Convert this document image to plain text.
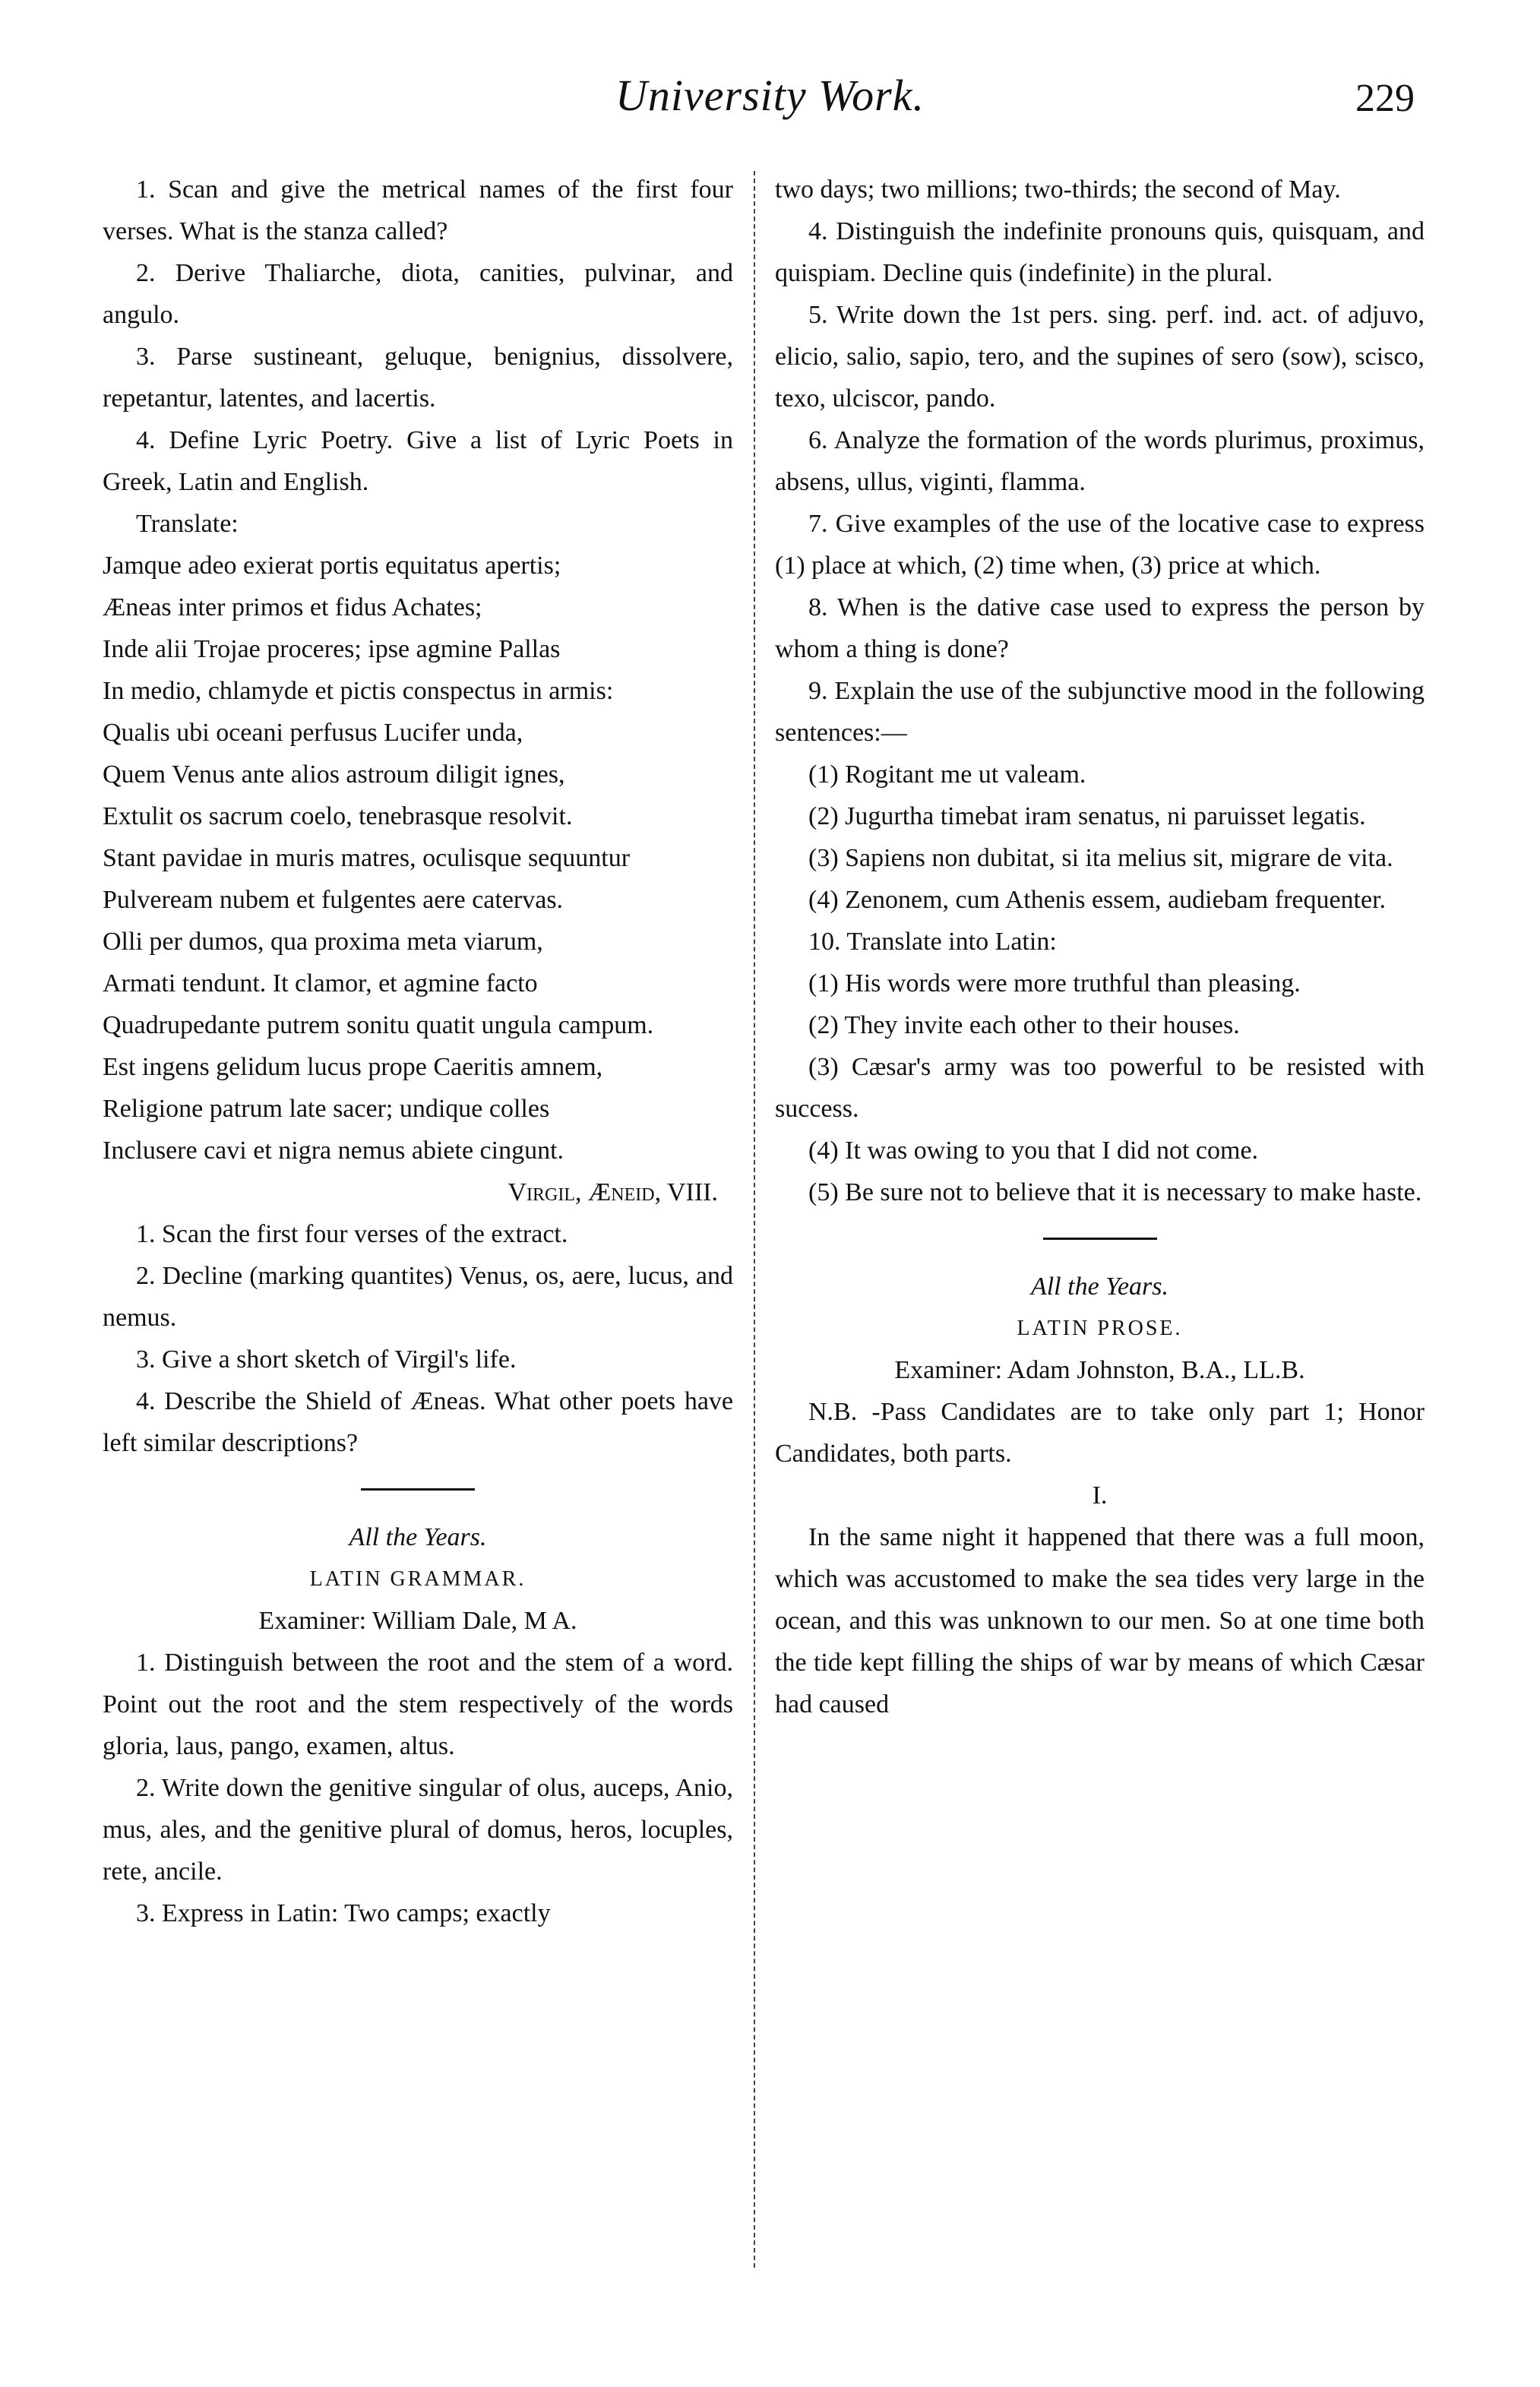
University Work.	229
1. Scan and give the metrical names of the first four verses. What is the stanza called?
2. Derive Thaliarche, diota, canities, pulvinar, and angulo.
3. Parse sustineant, geluque, benignius, dissolvere, repetantur, latentes, and lacertis.
4. Define Lyric Poetry. Give a list of Lyric Poets in Greek, Latin and English.
Translate:
Jamque adeo exierat portis equitatus apertis;
Æneas inter primos et fidus Achates;
Inde alii Trojae proceres; ipse agmine Pallas
In medio, chlamyde et pictis conspectus in armis:
Qualis ubi oceani perfusus Lucifer unda,
Quem Venus ante alios astroum diligit ignes,
Extulit os sacrum coelo, tenebrasque resolvit.
Stant pavidae in muris matres, oculisque sequuntur
Pulveream nubem et fulgentes aere catervas.
Olli per dumos, qua proxima meta viarum,
Armati tendunt. It clamor, et agmine facto
Quadrupedante putrem sonitu quatit ungula campum.
Est ingens gelidum lucus prope Caeritis amnem,
Religione patrum late sacer; undique colles
Inclusere cavi et nigra nemus abiete cingunt.
Virgil, Æneid, VIII.
1. Scan the first four verses of the extract.
2. Decline (marking quantites) Venus, os, aere, lucus, and nemus.
3. Give a short sketch of Virgil's life.
4. Describe the Shield of Æneas. What other poets have left similar descriptions?
All the Years.
LATIN GRAMMAR.
Examiner: William Dale, M A.
1. Distinguish between the root and the stem of a word. Point out the root and the stem respectively of the words gloria, laus, pango, examen, altus.
2. Write down the genitive singular of olus, auceps, Anio, mus, ales, and the genitive plural of domus, heros, locuples, rete, ancile.
3. Express in Latin: Two camps; exactly
two days; two millions; two-thirds; the second of May.
4. Distinguish the indefinite pronouns quis, quisquam, and quispiam. Decline quis (indefinite) in the plural.
5. Write down the 1st pers. sing. perf. ind. act. of adjuvo, elicio, salio, sapio, tero, and the supines of sero (sow), scisco, texo, ulciscor, pando.
6. Analyze the formation of the words plurimus, proximus, absens, ullus, viginti, flamma.
7. Give examples of the use of the locative case to express (1) place at which, (2) time when, (3) price at which.
8. When is the dative case used to express the person by whom a thing is done?
9. Explain the use of the subjunctive mood in the following sentences:—
(1) Rogitant me ut valeam.
(2) Jugurtha timebat iram senatus, ni paruisset legatis.
(3) Sapiens non dubitat, si ita melius sit, migrare de vita.
(4) Zenonem, cum Athenis essem, audiebam frequenter.
10. Translate into Latin:
(1) His words were more truthful than pleasing.
(2) They invite each other to their houses.
(3) Cæsar's army was too powerful to be resisted with success.
(4) It was owing to you that I did not come.
(5) Be sure not to believe that it is necessary to make haste.
All the Years.
LATIN PROSE.
Examiner: Adam Johnston, B.A., LL.B.
N.B. -Pass Candidates are to take only part 1; Honor Candidates, both parts.
I.
In the same night it happened that there was a full moon, which was accustomed to make the sea tides very large in the ocean, and this was unknown to our men. So at one time both the tide kept filling the ships of war by means of which Cæsar had caused
